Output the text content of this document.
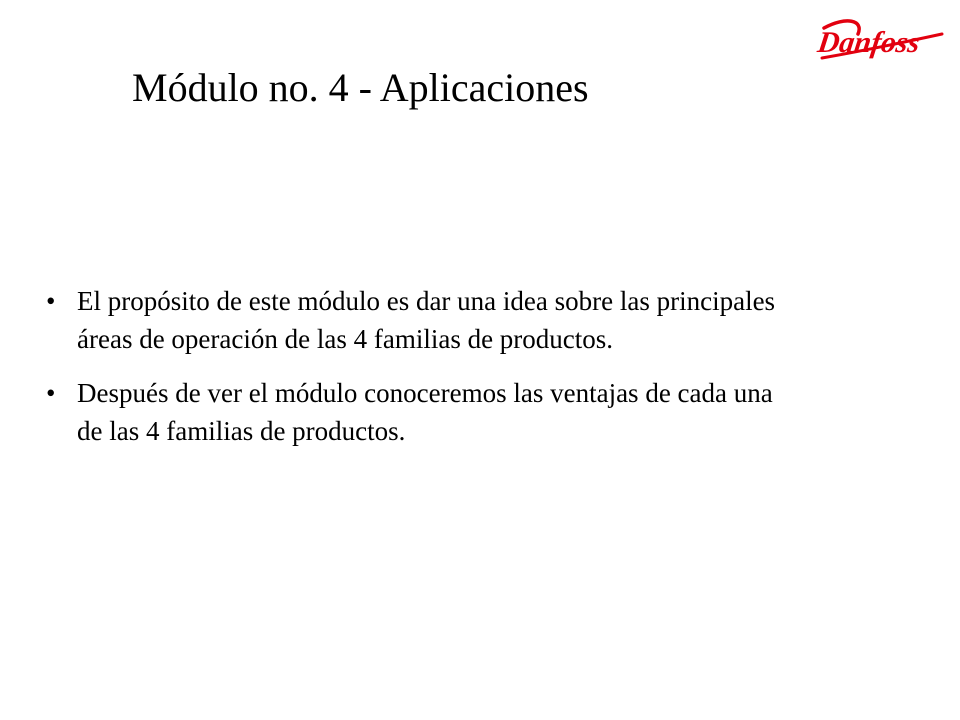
Danfoss
Módulo no. 4 - Aplicaciones
• El propósito de este módulo es dar una idea sobre las principales áreas de operación de las 4 familias de productos.
• Después de ver el módulo conoceremos las ventajas de cada una de las 4 familias de productos.
